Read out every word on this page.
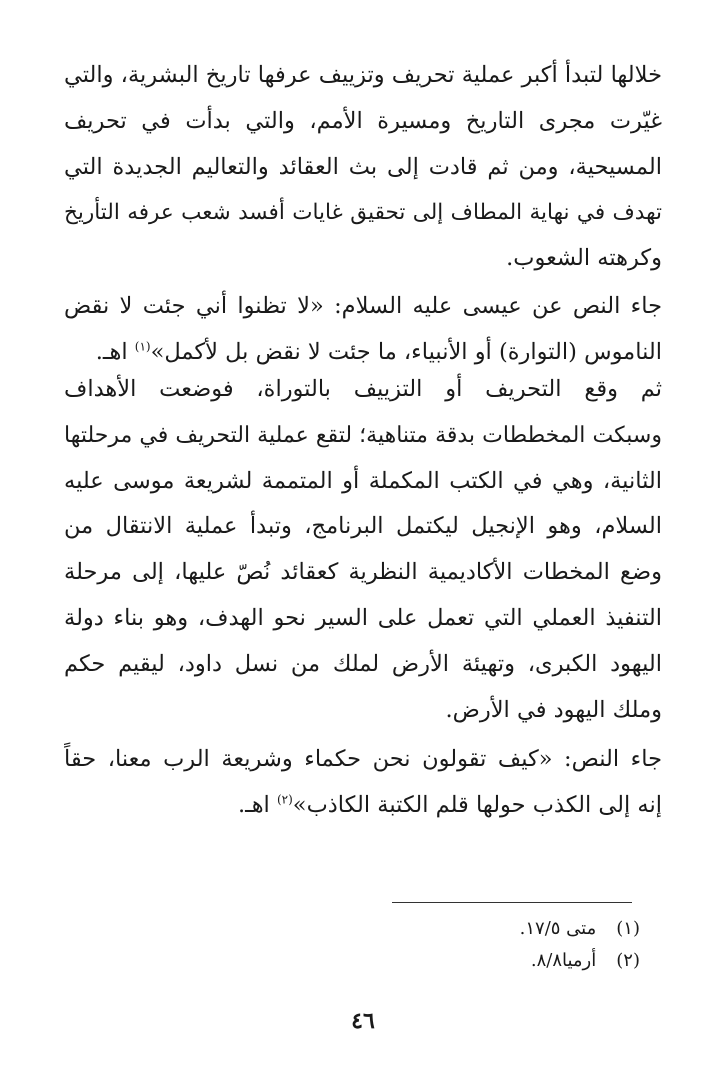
خلالها لتبدأ أكبر عملية تحريف وتزييف عرفها تاريخ البشرية، والتي
غيّرت مجرى التاريخ ومسيرة الأمم، والتي بدأت في تحريف
المسيحية، ومن ثم قادت إلى بث العقائد والتعاليم الجديدة التي
تهدف في نهاية المطاف إلى تحقيق غايات أفسد شعب عرفه التأريخ
وكرهته الشعوب.
جاء النص عن عيسى عليه السلام: «لا تظنوا أني جئت لا نقض
الناموس (التوارة) أو الأنبياء، ما جئت لا نقض بل لأكمل»$^{(١)}$ اهـ.
ثم وقع التحريف أو التزييف بالتوراة، فوضعت الأهداف
وسبكت المخططات بدقة متناهية؛ لتقع عملية التحريف في مرحلتها
الثانية، وهي في الكتب المكملة أو المتممة لشريعة موسى عليه
السلام، وهو الإنجيل ليكتمل البرنامج، وتبدأ عملية الانتقال من
وضع المخطات الأكاديمية النظرية كعقائد نُصّ عليها، إلى مرحلة
التنفيذ العملي التي تعمل على السير نحو الهدف، وهو بناء دولة
اليهود الكبرى، وتهيئة الأرض لملك من نسل داود، ليقيم حكم
وملك اليهود في الأرض.
جاء النص: «كيف تقولون نحن حكماء وشريعة الرب معنا، حقاً
إنه إلى الكذب حولها قلم الكتبة الكاذب»$^{(٢)}$ اهـ.
(١) متى ١٧/٥.
(٢) أرميا٨/٨.
٤٦
